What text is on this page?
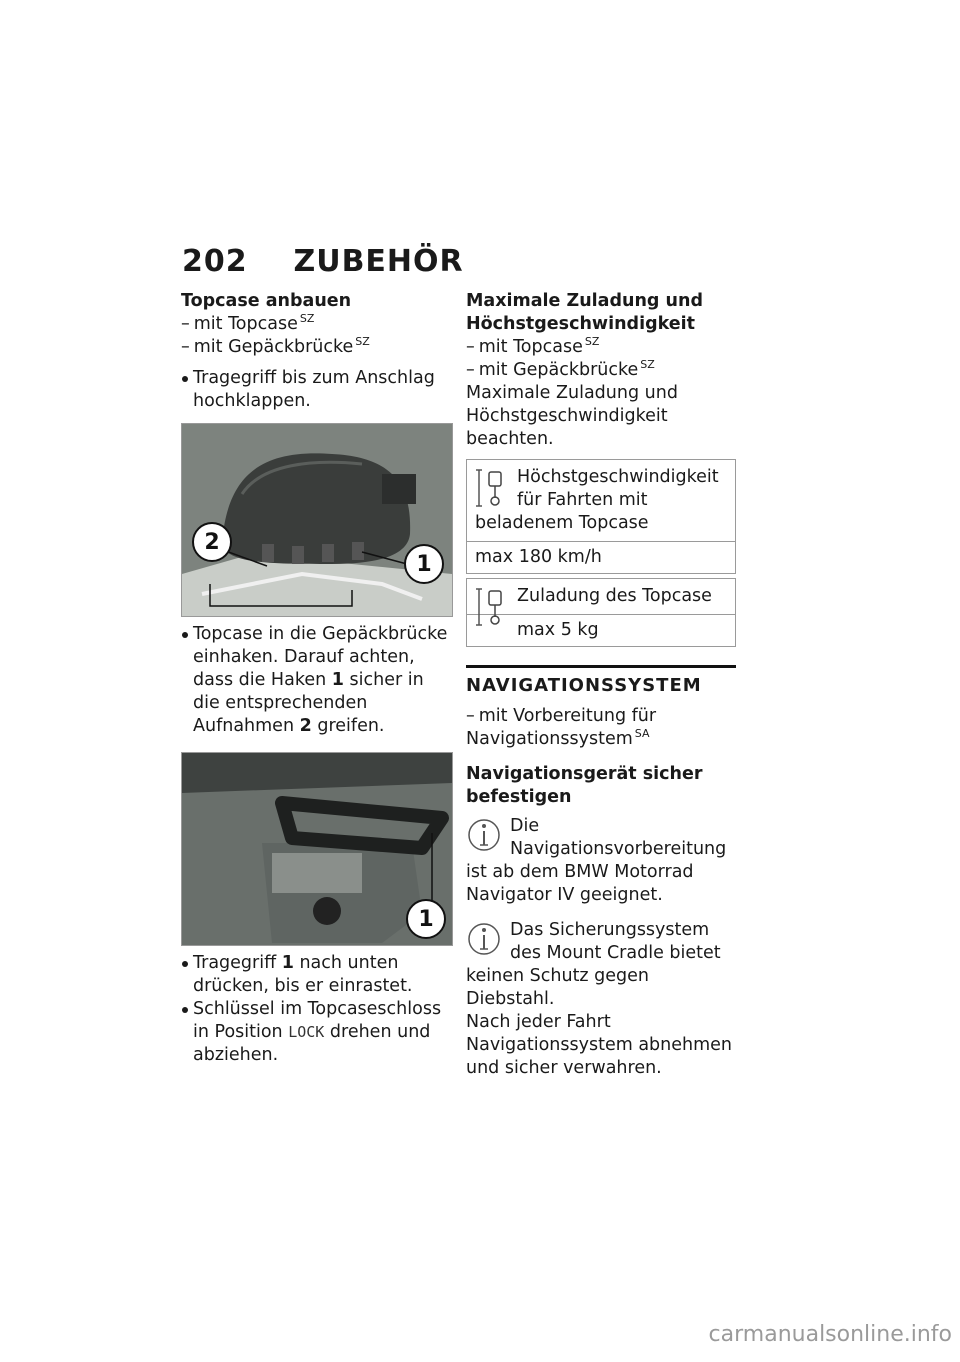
202 ZUBEHÖR

Topcase anbauen

– mit Topcase $^{SZ}$

– mit Gepäckbrücke $^{SZ}$

Tragegriff bis zum Anschlag hochklappen.

2
1

Topcase in die Gepäckbrücke einhaken. Darauf achten, dass die Haken 1 sicher in die entsprechenden Aufnahmen 2 greifen.

1

Tragegriff 1 nach unten drücken, bis er einrastet.

Schlüssel im Topcaseschloss in Position LOCK drehen und abziehen.

Maximale Zuladung und Höchstgeschwindigkeit

– mit Topcase $^{SZ}$

– mit Gepäckbrücke $^{SZ}$

Maximale Zuladung und Höchstgeschwindigkeit beachten.

Höchstgeschwindigkeit für Fahrten mit beladenem Topcase
max 180 km/h
Zuladung des Topcase
max 5 kg

NAVIGATIONSSYSTEM

– mit Vorbereitung für Navigationssystem $^{SA}$

Navigationsgerät sicher befestigen

Die Navigationsvorbereitung ist ab dem BMW Motorrad Navigator IV geeignet.
Das Sicherungssystem des Mount Cradle bietet keinen Schutz gegen Diebstahl.

Nach jeder Fahrt Navigationssystem abnehmen und sicher verwahren.

carmanualsonline.info
